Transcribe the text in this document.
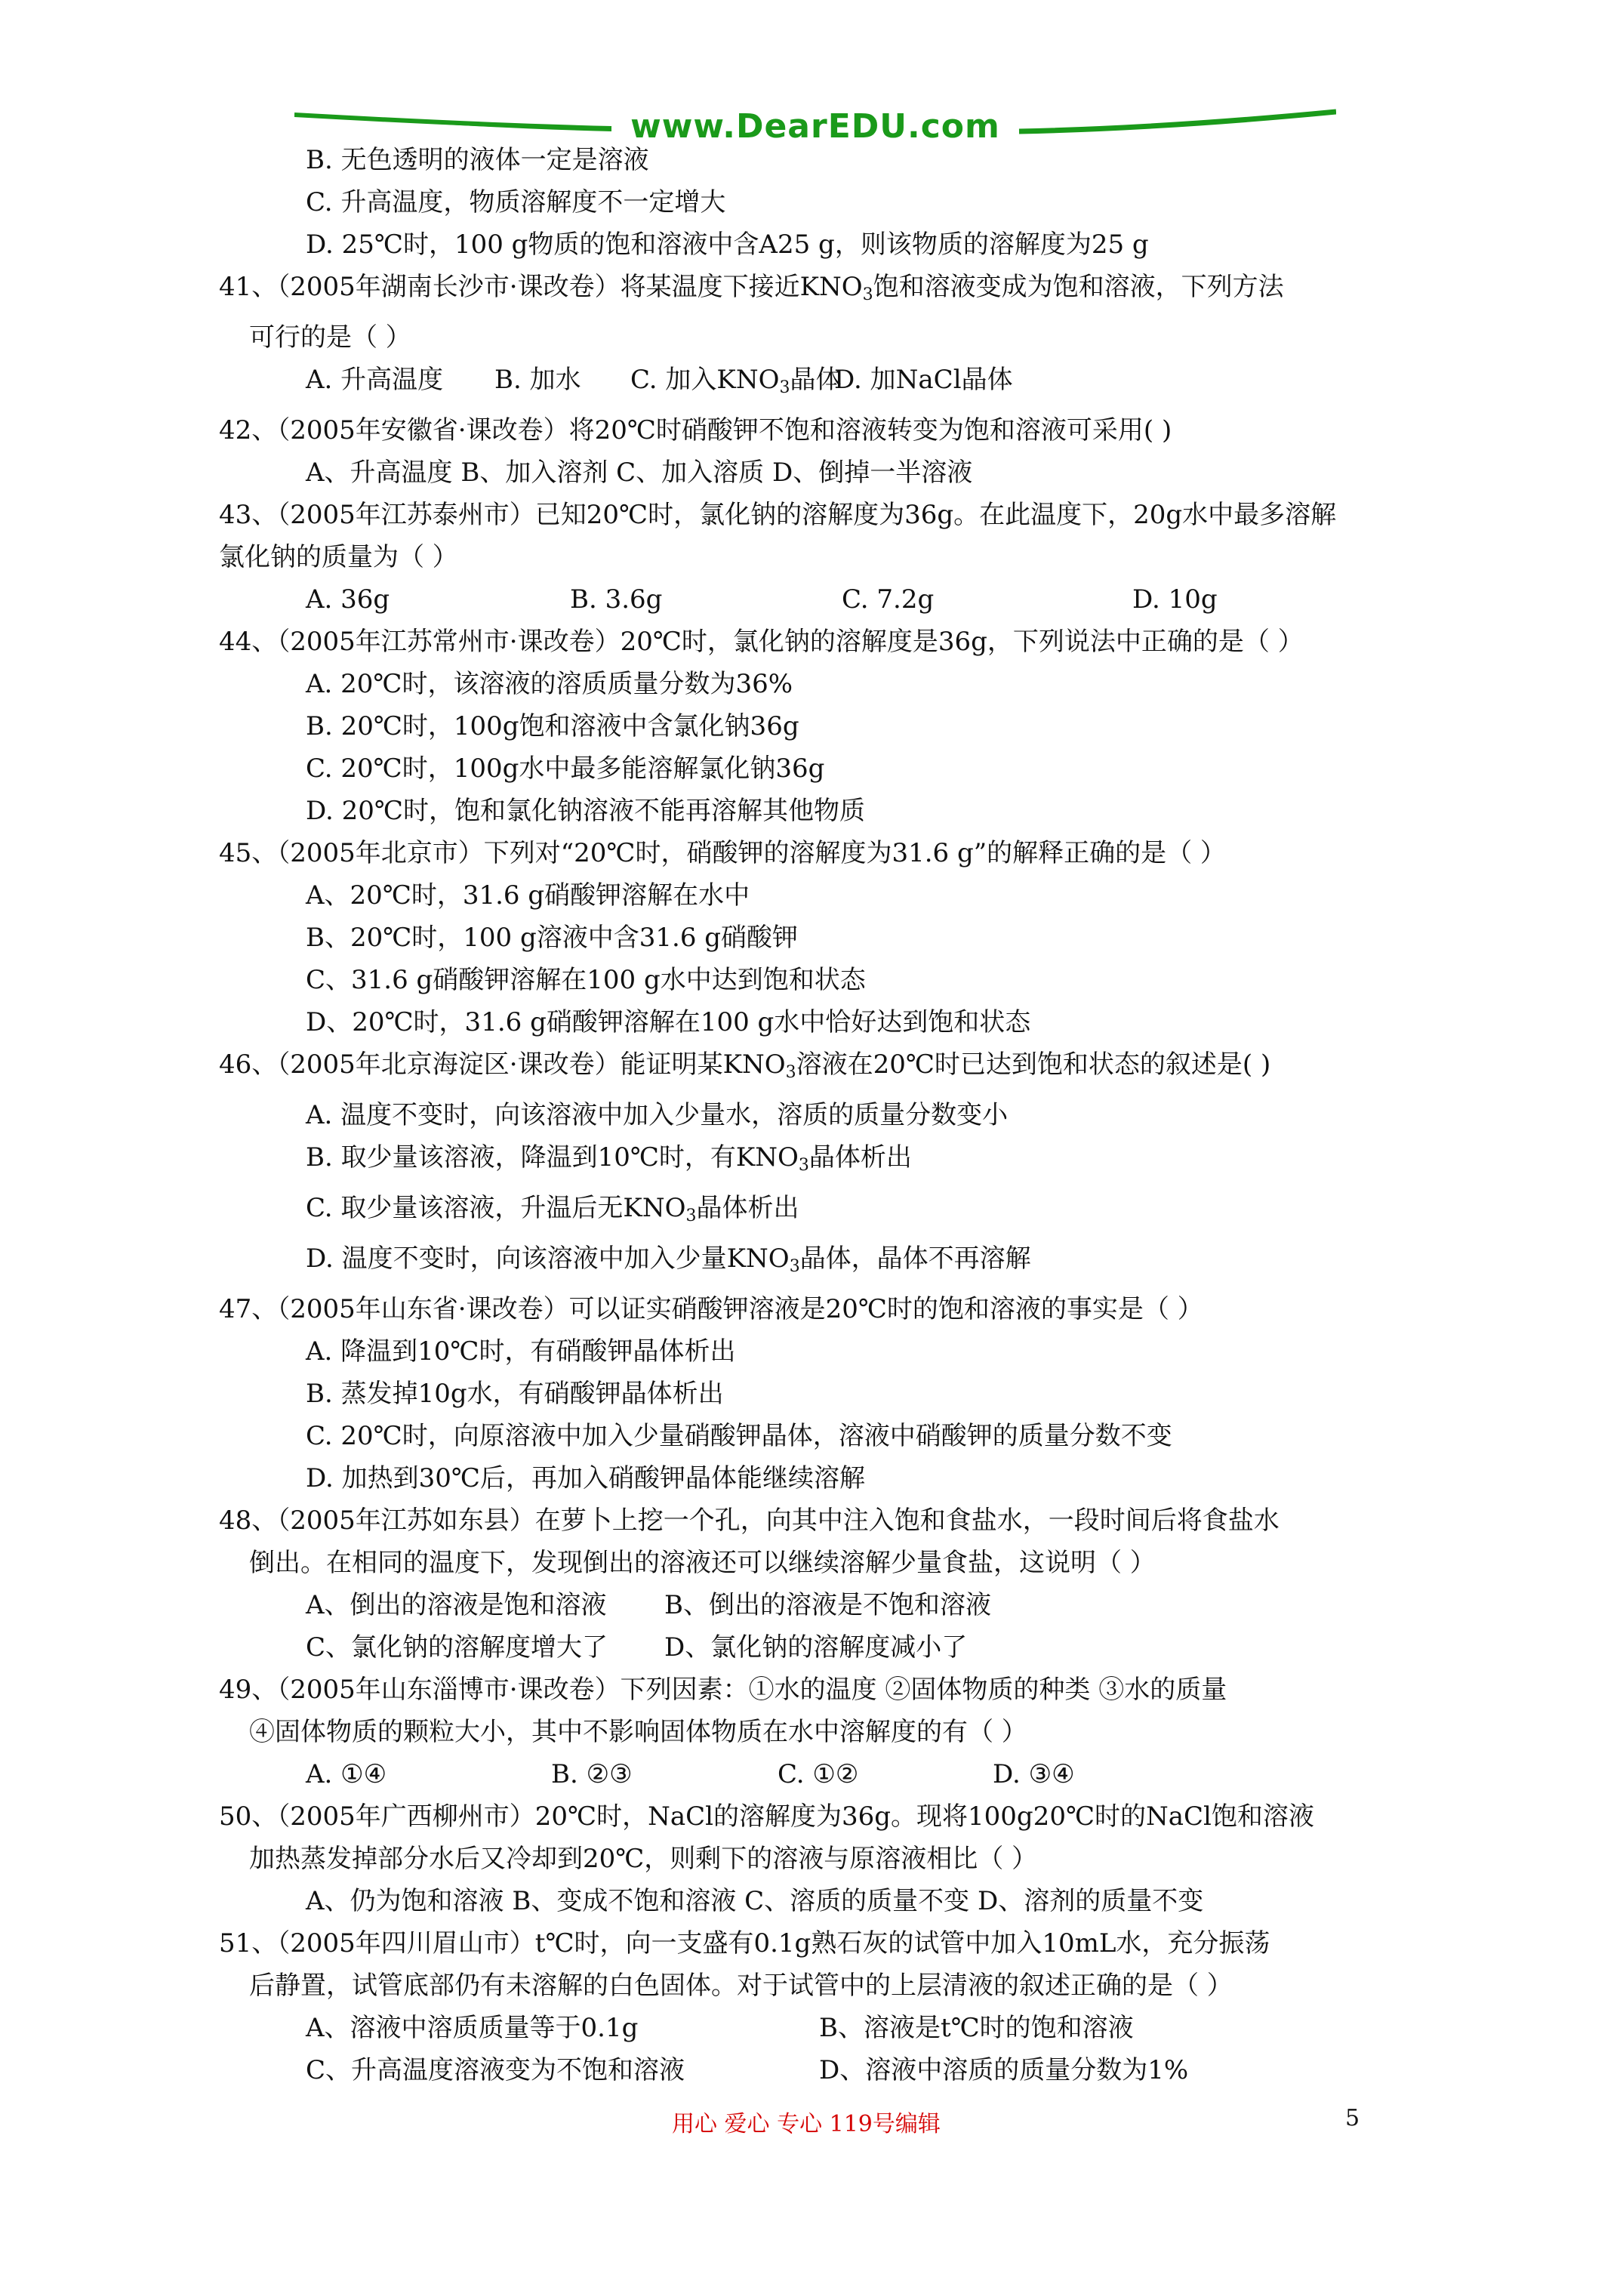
www.DearEDU.com
B. 无色透明的液体一定是溶液
C. 升高温度，物质溶解度不一定增大
D. 25℃时，100 g物质的饱和溶液中含A25 g，则该物质的溶解度为25 g
41、（2005年湖南长沙市·课改卷）将某温度下接近$KNO_3$饱和溶液变成为饱和溶液，下列方法
可行的是（ ）
A. 升高温度 B. 加水 C. 加入KNO3晶体D. 加NaCl晶体
42、（2005年安徽省·课改卷）将20℃时硝酸钾不饱和溶液转变为饱和溶液可采用( )
A、升高温度 B、加入溶剂 C、加入溶质 D、倒掉一半溶液
43、（2005年江苏泰州市）已知20℃时，氯化钠的溶解度为36g。在此温度下，20g水中最多溶解
氯化钠的质量为（ ）
A. 36g	B. 3.6g	C. 7.2g	D. 10g
44、（2005年江苏常州市·课改卷）20℃时，氯化钠的溶解度是36g，下列说法中正确的是（ ）
A. 20℃时，该溶液的溶质质量分数为36%
B. 20℃时，100g饱和溶液中含氯化钠36g
C. 20℃时，100g水中最多能溶解氯化钠36g
D. 20℃时，饱和氯化钠溶液不能再溶解其他物质
45、（2005年北京市）下列对“20℃时，硝酸钾的溶解度为31.6 g”的解释正确的是（ ）
A、20℃时，31.6 g硝酸钾溶解在水中
B、20℃时，100 g溶液中含31.6 g硝酸钾
C、31.6 g硝酸钾溶解在100 g水中达到饱和状态
D、20℃时，31.6 g硝酸钾溶解在100 g水中恰好达到饱和状态
46、（2005年北京海淀区·课改卷）能证明某$KNO_3$溶液在20℃时已达到饱和状态的叙述是( )
A. 温度不变时，向该溶液中加入少量水，溶质的质量分数变小
B. 取少量该溶液，降温到10℃时，有$KNO_3$晶体析出
C. 取少量该溶液，升温后无$KNO_3$晶体析出
D. 温度不变时，向该溶液中加入少量$KNO_3$晶体，晶体不再溶解
47、（2005年山东省·课改卷）可以证实硝酸钾溶液是20℃时的饱和溶液的事实是（ ）
A. 降温到10℃时，有硝酸钾晶体析出
B. 蒸发掉10g水，有硝酸钾晶体析出
C. 20℃时，向原溶液中加入少量硝酸钾晶体，溶液中硝酸钾的质量分数不变
D. 加热到30℃后，再加入硝酸钾晶体能继续溶解
48、（2005年江苏如东县）在萝卜上挖一个孔，向其中注入饱和食盐水，一段时间后将食盐水
倒出。在相同的温度下，发现倒出的溶液还可以继续溶解少量食盐，这说明（ ）
A、倒出的溶液是饱和溶液 B、倒出的溶液是不饱和溶液
C、氯化钠的溶解度增大了 D、氯化钠的溶解度减小了
49、（2005年山东淄博市·课改卷）下列因素：①水的温度 ②固体物质的种类 ③水的质量
④固体物质的颗粒大小，其中不影响固体物质在水中溶解度的有（ ）
A. ①④	B. ②③	C. ①②	D. ③④
50、（2005年广西柳州市）20℃时，NaCl的溶解度为36g。现将100g20℃时的NaCl饱和溶液
加热蒸发掉部分水后又冷却到20℃，则剩下的溶液与原溶液相比（ ）
A、仍为饱和溶液 B、变成不饱和溶液 C、溶质的质量不变 D、溶剂的质量不变
51、（2005年四川眉山市）t℃时，向一支盛有0.1g熟石灰的试管中加入10mL水，充分振荡
后静置，试管底部仍有未溶解的白色固体。对于试管中的上层清液的叙述正确的是（ ）
A、溶液中溶质质量等于0.1g	B、溶液是t℃时的饱和溶液
C、升高温度溶液变为不饱和溶液	D、溶液中溶质的质量分数为1%
用心 爱心 专心 119号编辑	5
